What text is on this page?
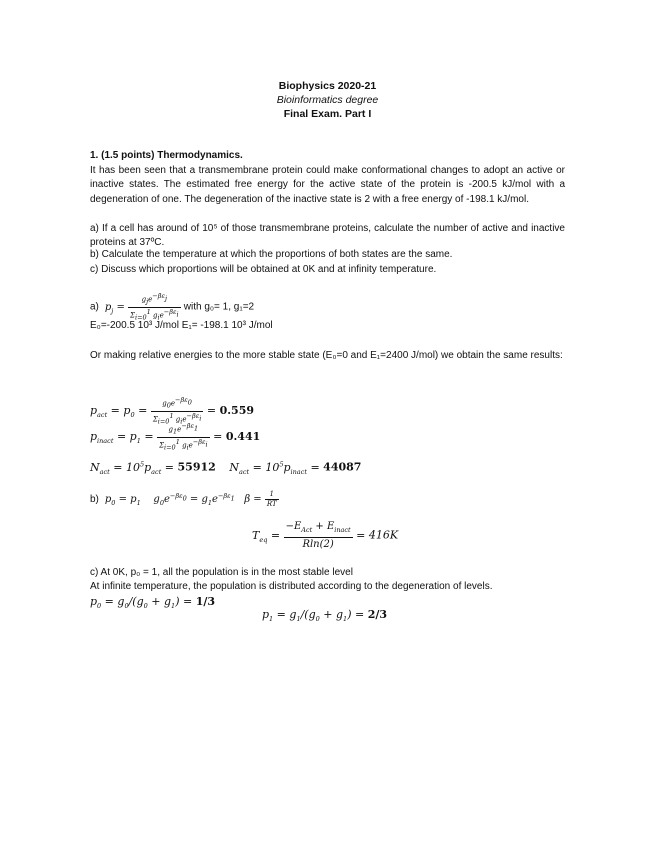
Biophysics 2020-21
Bioinformatics degree
Final Exam. Part I
1. (1.5 points) Thermodynamics.
It has been seen that a transmembrane protein could make conformational changes to adopt an active or inactive states. The estimated free energy for the active state of the protein is -200.5 kJ/mol with a degeneration of one. The degeneration of the inactive state is 2 with a free energy of -198.1 kJ/mol.
a) If a cell has around of 10⁵ of those transmembrane proteins, calculate the number of active and inactive proteins at 37ºC.
b) Calculate the temperature at which the proportions of both states are the same.
c) Discuss which proportions will be obtained at 0K and at infinity temperature.
a)  $p_j = \frac{g_je^{-\beta\varepsilon_j}}{\Sigma_{i=0}^1 g_ie^{-\beta\varepsilon_i}}$ with g₀= 1, g₁=2
E₀=-200.5 10³ J/mol E₁= -198.1 10³ J/mol
Or making relative energies to the more stable state (E₀=0 and E₁=2400 J/mol) we obtain the same results:
$p_{act} = p_0 = \frac{g_0e^{-\beta\varepsilon_0}}{\Sigma_{i=0}^1 g_ie^{-\beta\varepsilon_i}} = 0.559$
$p_{inact} = p_1 = \frac{g_1e^{-\beta\varepsilon_1}}{\Sigma_{i=0}^1 g_ie^{-\beta\varepsilon_i}} = 0.441$
$N_{act} = 10^5p_{act} = 55912$    $N_{act} = 10^5p_{inact} = 44087$
b)  $p_0 = p_1$    $g_0e^{-\beta\varepsilon_0} = g_1e^{-\beta\varepsilon_1}$   $\beta = \frac{1}{RT}$
$T_{eq} = \frac{-E_{Act} + E_{inact}}{Rln(2)} = 416K$
c) At 0K, p₀ = 1, all the population is in the most stable level
At infinite temperature, the population is distributed according to the degeneration of levels.
$p_0 = g_0/(g_0 + g_1) = 1/3$
$p_1 = g_1/(g_0 + g_1) = 2/3$
